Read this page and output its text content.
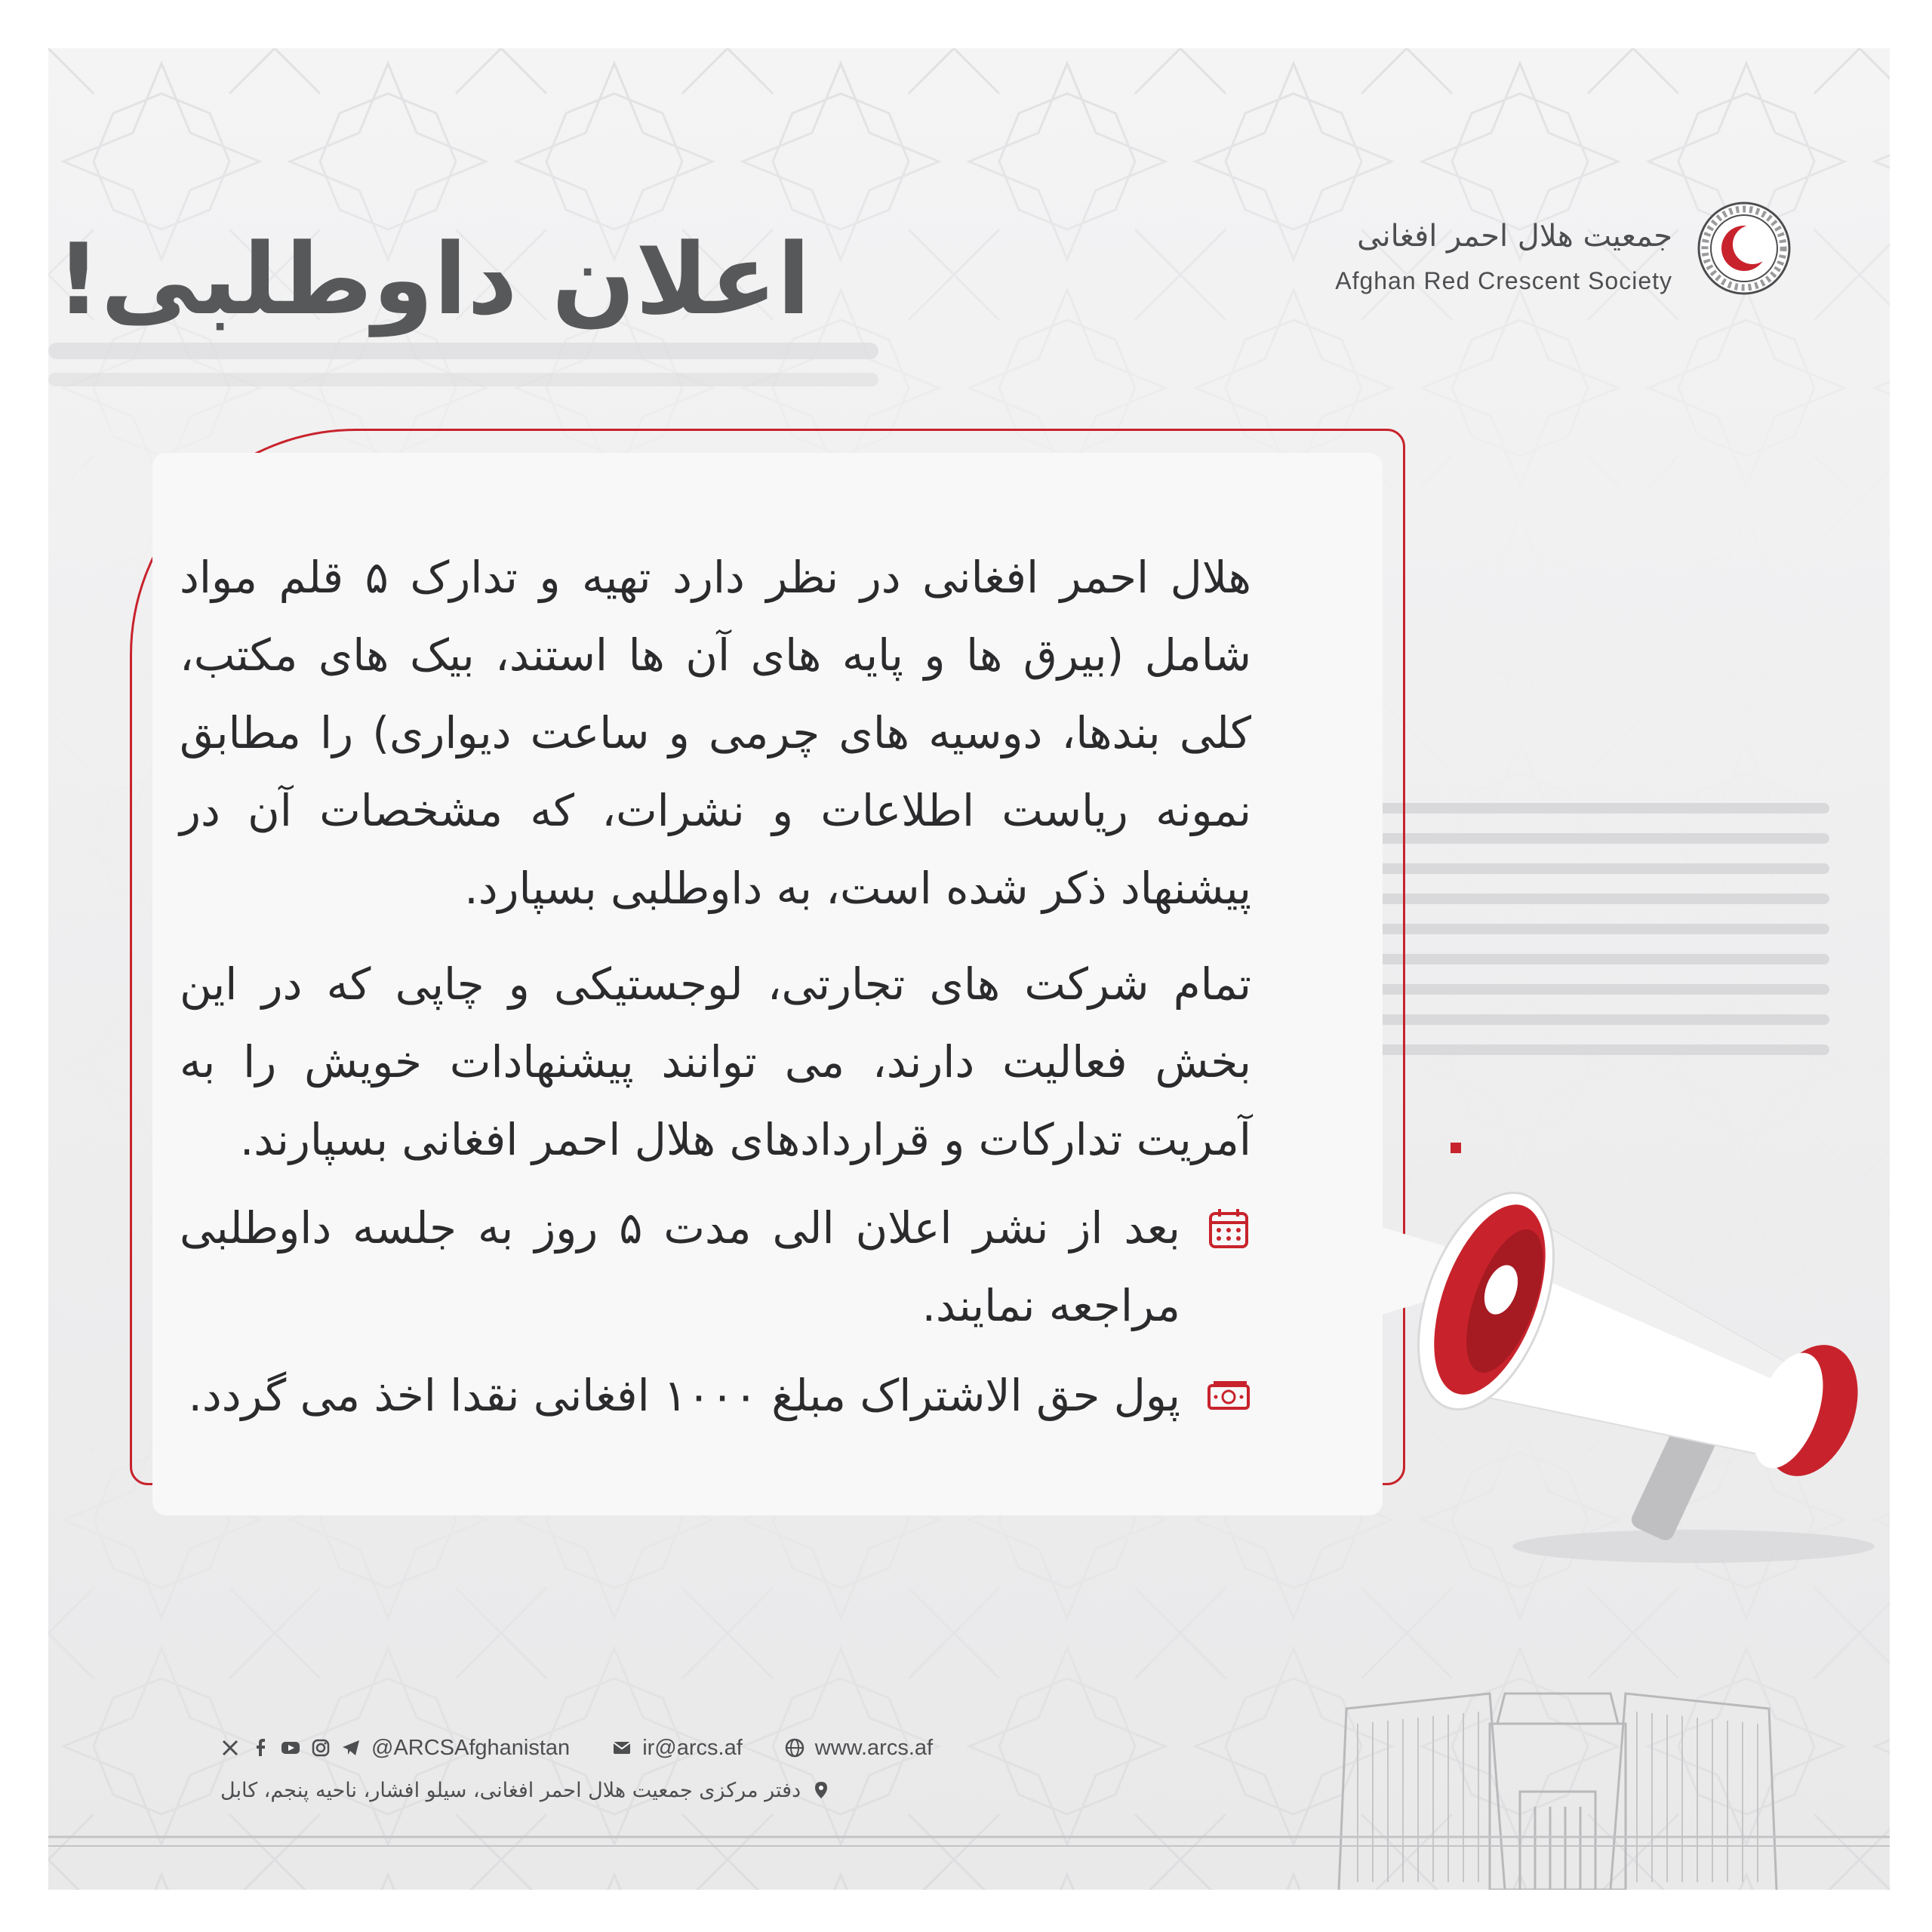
اعلان داوطلبی!	جمعیت هلال احمر افغانی
Afghan Red Crescent Society

هلال احمر افغانی در نظر دارد تهیه و تدارک ۵ قلم مواد شامل (بیرق ها و پایه های آن ها استند، بیک های مکتب، کلی بندها، دوسیه های چرمی و ساعت دیواری) را مطابق نمونه ریاست اطلاعات و نشرات، که مشخصات آن در پیشنهاد ذکر شده است، به داوطلبی بسپارد.

تمام شرکت های تجارتی، لوجستیکی و چاپی که در این بخش فعالیت دارند، می توانند پیشنهادات خویش را به آمریت تدارکات و قراردادهای هلال احمر افغانی بسپارند.

بعد از نشر اعلان الی مدت ۵ روز به جلسه داوطلبی مراجعه نمایند.
پول حق الاشتراک مبلغ ۱۰۰۰ افغانی نقدا اخذ می گردد.
@ARCSAfghanistan	ir@arcs.af	www.arcs.af
دفتر مرکزی جمعیت هلال احمر افغانی، سیلو افشار، ناحیه پنجم، کابل
